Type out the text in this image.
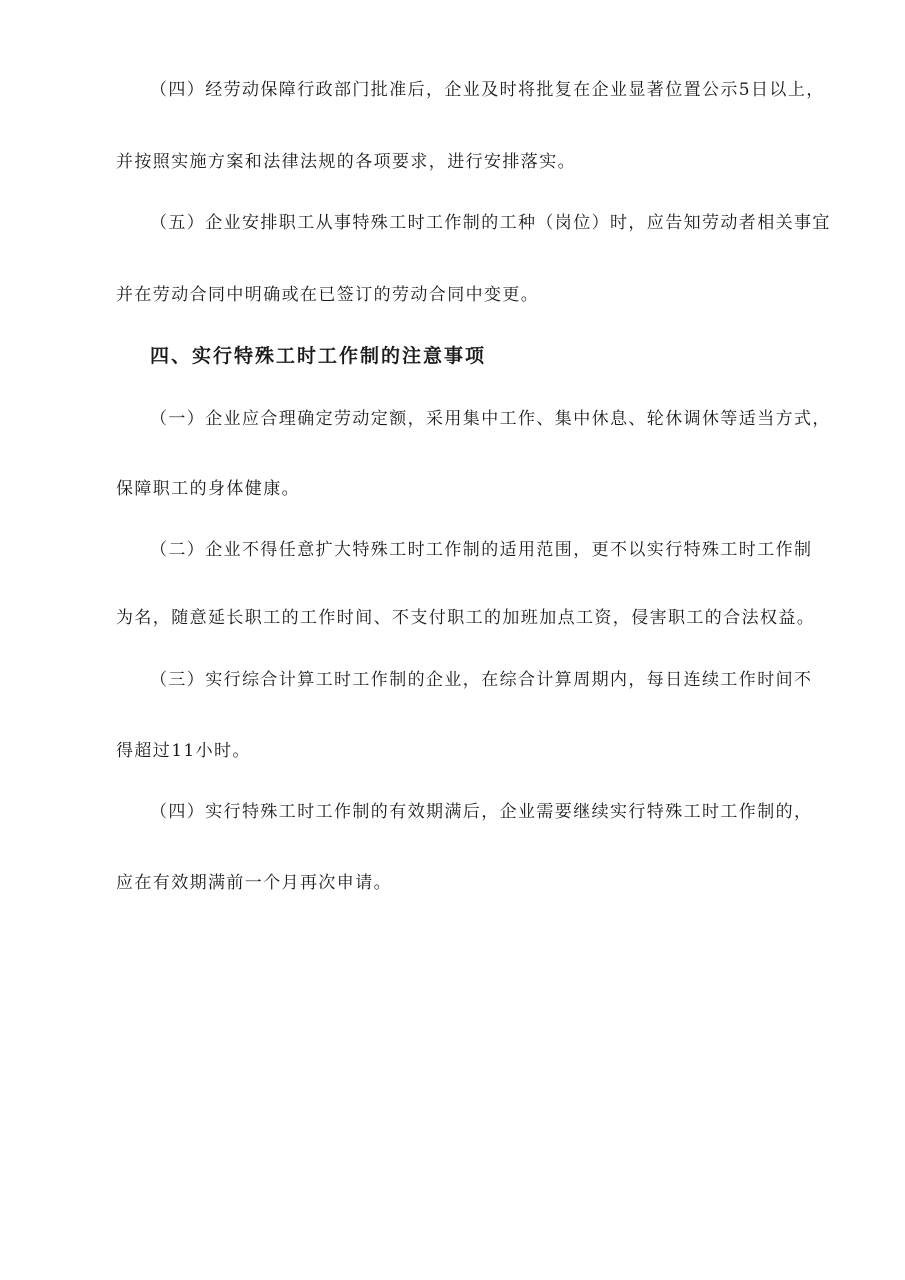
（四）经劳动保障行政部门批准后，企业及时将批复在企业显著位置公示5日以上，
并按照实施方案和法律法规的各项要求，进行安排落实。
（五）企业安排职工从事特殊工时工作制的工种（岗位）时，应告知劳动者相关事宜
并在劳动合同中明确或在已签订的劳动合同中变更。
四、实行特殊工时工作制的注意事项
（一）企业应合理确定劳动定额，采用集中工作、集中休息、轮休调休等适当方式，
保障职工的身体健康。
（二）企业不得任意扩大特殊工时工作制的适用范围，更不以实行特殊工时工作制
为名，随意延长职工的工作时间、不支付职工的加班加点工资，侵害职工的合法权益。
（三）实行综合计算工时工作制的企业，在综合计算周期内，每日连续工作时间不
得超过11小时。
（四）实行特殊工时工作制的有效期满后，企业需要继续实行特殊工时工作制的，
应在有效期满前一个月再次申请。
